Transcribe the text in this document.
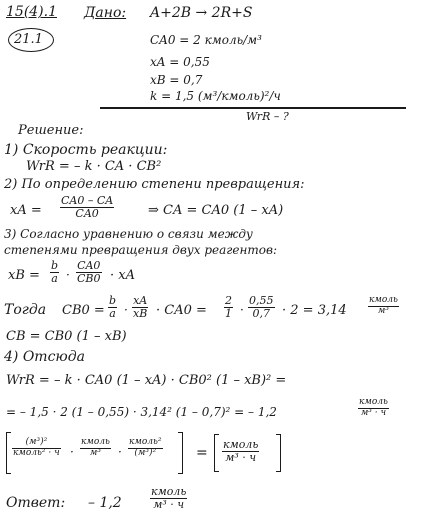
15(4).1
21.1
Дано: A+2B → 2R+S
CA0 = 2 кмоль/м³
xA = 0,55
xB = 0,7
k = 1,5 (м³/кмоль)²/ч
WrR – ?
Решение:
1) Скорость реакции:
WrR = – k · CA · CB²
2) По определению степени превращения:
xA = $\frac{CA0 - CA}{CA0}$	⇒ CA = CA0 (1 – xA)
3) Согласно уравнению о связи между
степенями превращения двух реагентов:
xB = $\frac{b}{a} \cdot \frac{CA0}{CB0}$ · xA
Тогда $CB0 = \frac{b}{a} \cdot \frac{xA}{xB} \cdot CA0 = \frac{2}{1} \cdot \frac{0,55}{0,7} \cdot 2 = 3,14$
кмоль
м³
CB = CB0 (1 – xB)
4) Отсюда
WrR = – k · CA0 (1 – xA) · CB0² (1 – xB)² =
= – 1,5 · 2 (1 – 0,55) · 3,14² (1 – 0,7)² = – 1,2
кмоль
м³ · ч
(м³)²
кмоль² · ч ·
кмоль
м³	·
кмоль²
(м³)²	=
кмоль
м³ · ч
Ответ: – 1,2
кмоль
м³ · ч
